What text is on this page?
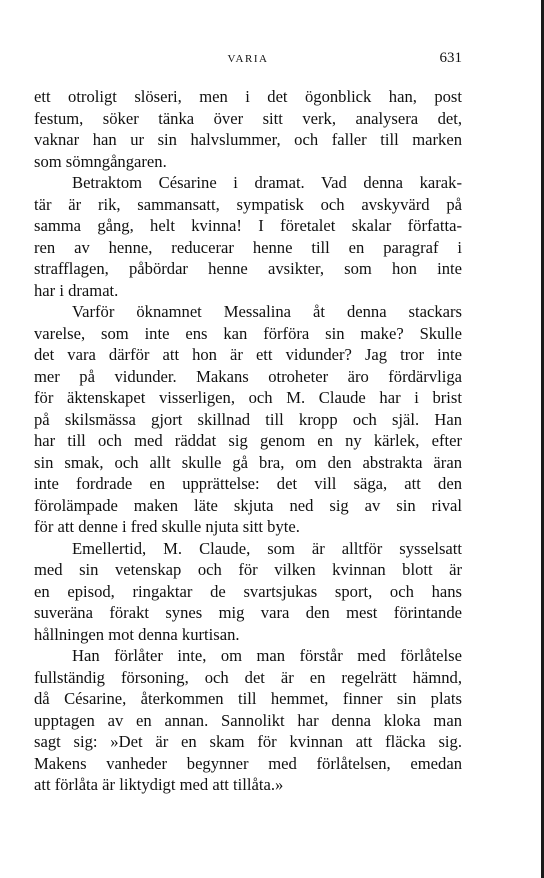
VARIA	631
ett otroligt slöseri, men i det ögonblick han, post
festum, söker tänka över sitt verk, analysera det,
vaknar han ur sin halvslummer, och faller till marken
som sömngångaren.
Betraktom Césarine i dramat. Vad denna karak-
tär är rik, sammansatt, sympatisk och avskyvärd på
samma gång, helt kvinna! I företalet skalar författa-
ren av henne, reducerar henne till en paragraf i
strafflagen, påbördar henne avsikter, som hon inte
har i dramat.
Varför öknamnet Messalina åt denna stackars
varelse, som inte ens kan förföra sin make? Skulle
det vara därför att hon är ett vidunder? Jag tror inte
mer på vidunder. Makans otroheter äro fördärvliga
för äktenskapet visserligen, och M. Claude har i brist
på skilsmässa gjort skillnad till kropp och själ. Han
har till och med räddat sig genom en ny kärlek, efter
sin smak, och allt skulle gå bra, om den abstrakta äran
inte fordrade en upprättelse: det vill säga, att den
förolämpade maken läte skjuta ned sig av sin rival
för att denne i fred skulle njuta sitt byte.
Emellertid, M. Claude, som är alltför sysselsatt
med sin vetenskap och för vilken kvinnan blott är
en episod, ringaktar de svartsjukas sport, och hans
suveräna förakt synes mig vara den mest förintande
hållningen mot denna kurtisan.
Han förlåter inte, om man förstår med förlåtelse
fullständig försoning, och det är en regelrätt hämnd,
då Césarine, återkommen till hemmet, finner sin plats
upptagen av en annan. Sannolikt har denna kloka man
sagt sig: »Det är en skam för kvinnan att fläcka sig.
Makens vanheder begynner med förlåtelsen, emedan
att förlåta är liktydigt med att tillåta.»
